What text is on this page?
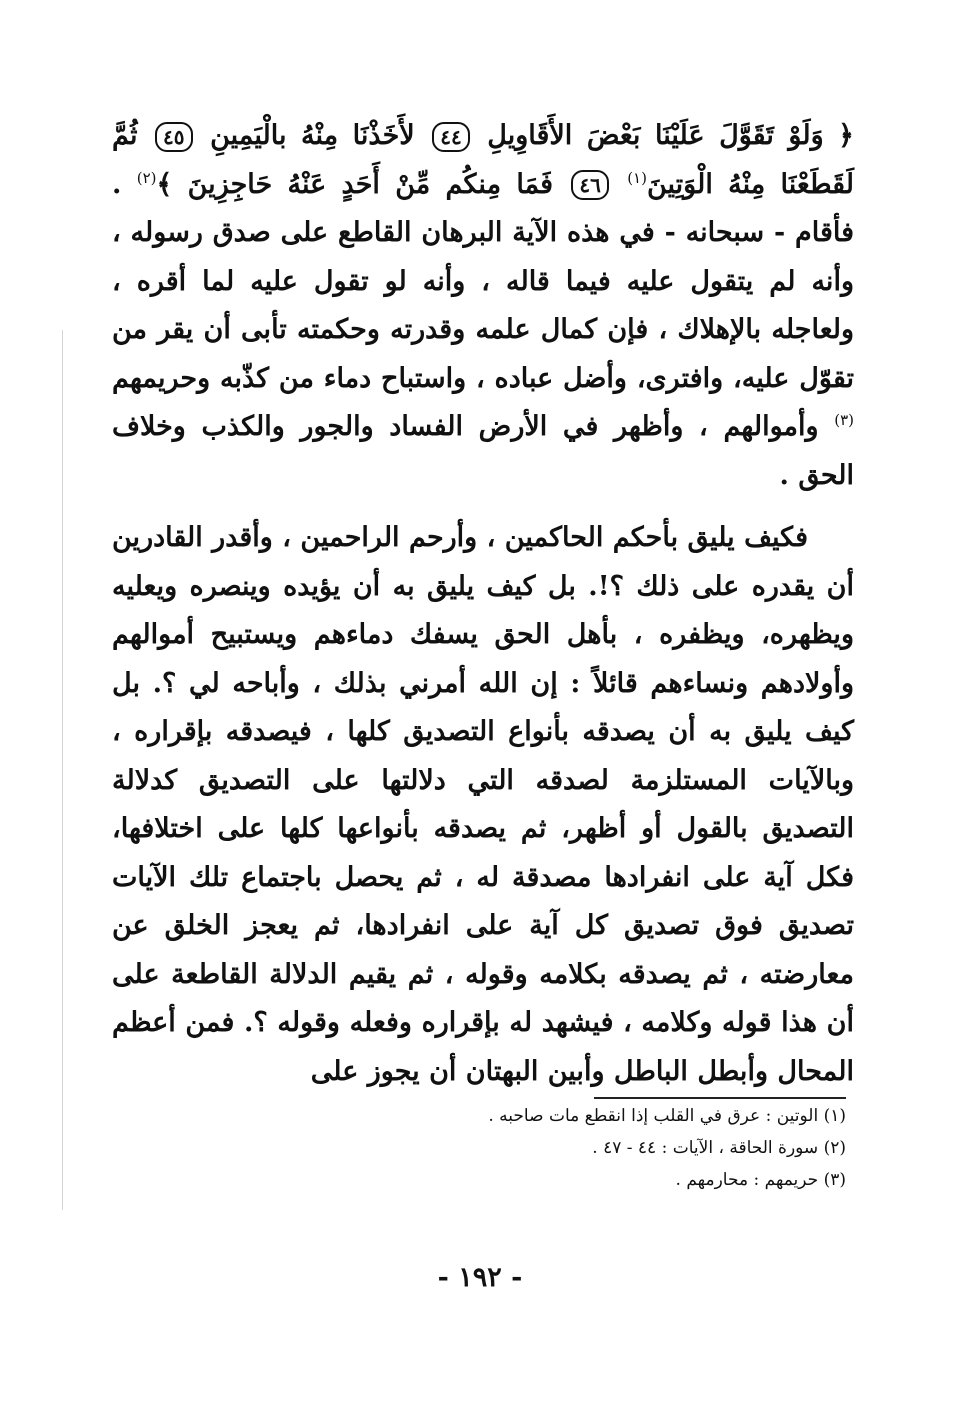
﴿ وَلَوْ تَقَوَّلَ عَلَيْنَا بَعْضَ الأَقَاوِيلِ ٤٤ لأَخَذْنَا مِنْهُ بالْيَمِينِ ٤٥ ثُمَّ لَقَطَعْنَا مِنْهُ الْوَتِينَ$^{(١)}$ ٤٦ فَمَا مِنكُم مِّنْ أَحَدٍ عَنْهُ حَاجِزِينَ ﴾$^{(٢)}$ . فأقام - سبحانه - في هذه الآية البرهان القاطع على صدق رسوله ، وأنه لم يتقول عليه فيما قاله ، وأنه لو تقول عليه لما أقره ، ولعاجله بالإهلاك ، فإن كمال علمه وقدرته وحكمته تأبى أن يقر من تقوّل عليه، وافترى، وأضل عباده ، واستباح دماء من كذّبه وحريمهم $^{(٣)}$ وأموالهم ، وأظهر في الأرض الفساد والجور والكذب وخلاف الحق .
فكيف يليق بأحكم الحاكمين ، وأرحم الراحمين ، وأقدر القادرين أن يقدره على ذلك ؟!. بل كيف يليق به أن يؤيده وينصره ويعليه ويظهره، ويظفره ، بأهل الحق يسفك دماءهم ويستبيح أموالهم وأولادهم ونساءهم قائلاً : إن الله أمرني بذلك ، وأباحه لي ؟. بل كيف يليق به أن يصدقه بأنواع التصديق كلها ، فيصدقه بإقراره ، وبالآيات المستلزمة لصدقه التي دلالتها على التصديق كدلالة التصديق بالقول أو أظهر، ثم يصدقه بأنواعها كلها على اختلافها، فكل آية على انفرادها مصدقة له ، ثم يحصل باجتماع تلك الآيات تصديق فوق تصديق كل آية على انفرادها، ثم يعجز الخلق عن معارضته ، ثم يصدقه بكلامه وقوله ، ثم يقيم الدلالة القاطعة على أن هذا قوله وكلامه ، فيشهد له بإقراره وفعله وقوله ؟. فمن أعظم المحال وأبطل الباطل وأبين البهتان أن يجوز على
(١) الوتين : عرق في القلب إذا انقطع مات صاحبه .
(٢) سورة الحاقة ، الآيات : ٤٤ - ٤٧ .
(٣) حريمهم : محارمهم .
- ١٩٢ -
